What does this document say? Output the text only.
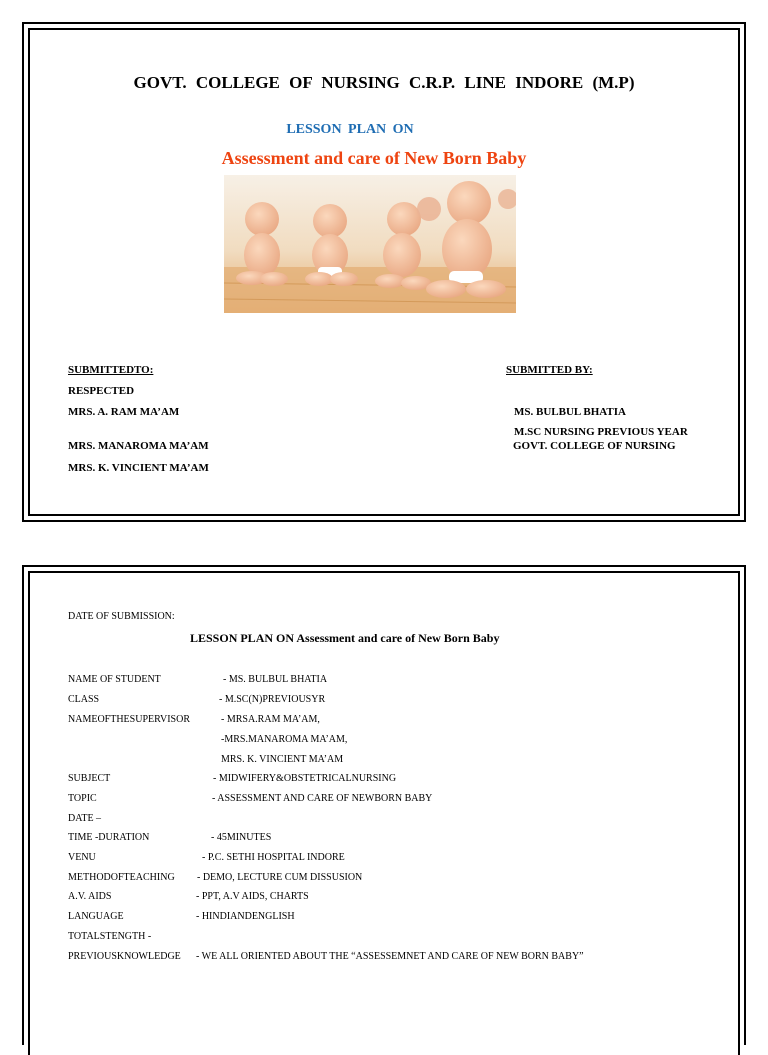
GOVT. COLLEGE OF NURSING C.R.P. LINE INDORE (M.P)
LESSON PLAN ON
Assessment and care of New Born Baby
SUBMITTEDTO:
RESPECTED
MRS. A. RAM MA’AM
MRS. MANAROMA MA’AM
MRS. K. VINCIENT MA’AM
SUBMITTED BY:
MS. BULBUL BHATIA
M.SC NURSING PREVIOUS YEAR
GOVT. COLLEGE OF NURSING
DATE OF SUBMISSION:
LESSON PLAN ON Assessment and care of New Born Baby
NAME OF STUDENT	- MS. BULBUL BHATIA
CLASS	- M.SC(N)PREVIOUSYR
NAMEOFTHESUPERVISOR	- MRSA.RAM MA’AM,
-MRS.MANAROMA MA’AM,
MRS. K. VINCIENT MA’AM
SUBJECT	- MIDWIFERY&OBSTETRICALNURSING
TOPIC	- ASSESSMENT AND CARE OF NEWBORN BABY
DATE –
TIME -DURATION	- 45MINUTES
VENU	- P.C. SETHI HOSPITAL INDORE
METHODOFTEACHING - DEMO, LECTURE CUM DISSUSION
A.V. AIDS	- PPT, A.V AIDS, CHARTS
LANGUAGE	- HINDIANDENGLISH
TOTALSTENGTH -
PREVIOUSKNOWLEDGE - WE ALL ORIENTED ABOUT THE “ASSESSEMNET AND CARE OF NEW BORN BABY”
